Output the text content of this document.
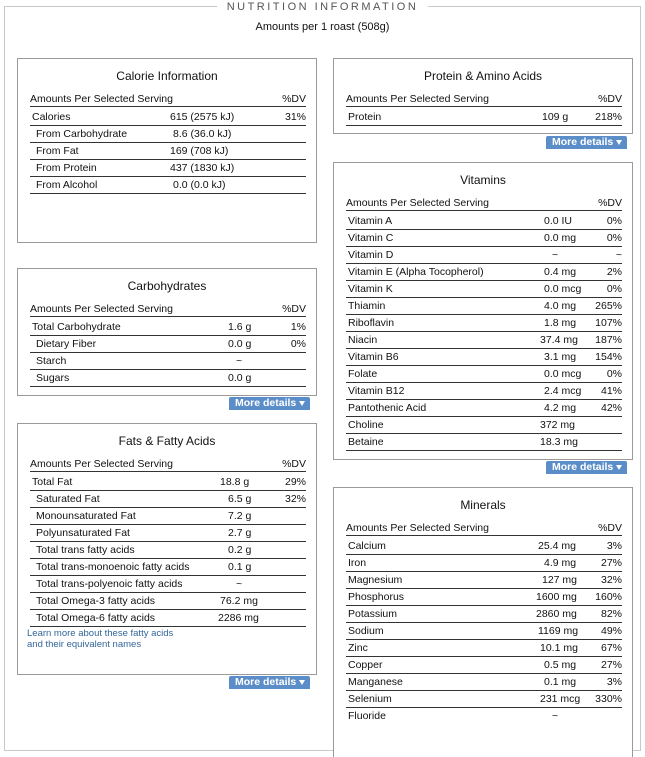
NUTRITION INFORMATION
Amounts per 1 roast (508g)
Calorie Information
Amounts Per Selected Serving	%DV
Calories	615 (2575 kJ)	31%
From Carbohydrate	8.6 (36.0 kJ)
From Fat	169 (708 kJ)
From Protein	437 (1830 kJ)
From Alcohol	0.0 (0.0 kJ)
Carbohydrates
Amounts Per Selected Serving	%DV
Total Carbohydrate	1.6 g	1%
Dietary Fiber	0.0 g	0%
Starch	~
Sugars	0.0 g
More details
Fats & Fatty Acids
Amounts Per Selected Serving	%DV
Total Fat	18.8 g	29%
Saturated Fat	6.5 g	32%
Monounsaturated Fat	7.2 g
Polyunsaturated Fat	2.7 g
Total trans fatty acids	0.2 g
Total trans-monoenoic fatty acids	0.1 g
Total trans-polyenoic fatty acids	~
Total Omega-3 fatty acids	76.2 mg
Total Omega-6 fatty acids	2286 mg
Learn more about these fatty acids
and their equivalent names
More details
Protein & Amino Acids
Amounts Per Selected Serving	%DV
Protein	109 g	218%
More details
Vitamins
Amounts Per Selected Serving	%DV
Vitamin A	0.0 IU	0%
Vitamin C	0.0 mg	0%
Vitamin D	~	~
Vitamin E (Alpha Tocopherol)	0.4 mg	2%
Vitamin K	0.0 mcg 0%
Thiamin	4.0 mg 265%
Riboflavin	1.8 mg 107%
Niacin	37.4 mg 187%
Vitamin B6	3.1 mg 154%
Folate	0.0 mcg 0%
Vitamin B12	2.4 mcg 41%
Pantothenic Acid	4.2 mg 42%
Choline	372 mg
Betaine	18.3 mg
More details
Minerals
Amounts Per Selected Serving	%DV
Calcium	25.4 mg	3%
Iron	4.9 mg 27%
Magnesium	127 mg 32%
Phosphorus	1600 mg 160%
Potassium	2860 mg 82%
Sodium	1169 mg 49%
Zinc	10.1 mg 67%
Copper	0.5 mg 27%
Manganese	0.1 mg	3%
Selenium	231 mcg 330%
Fluoride	~
